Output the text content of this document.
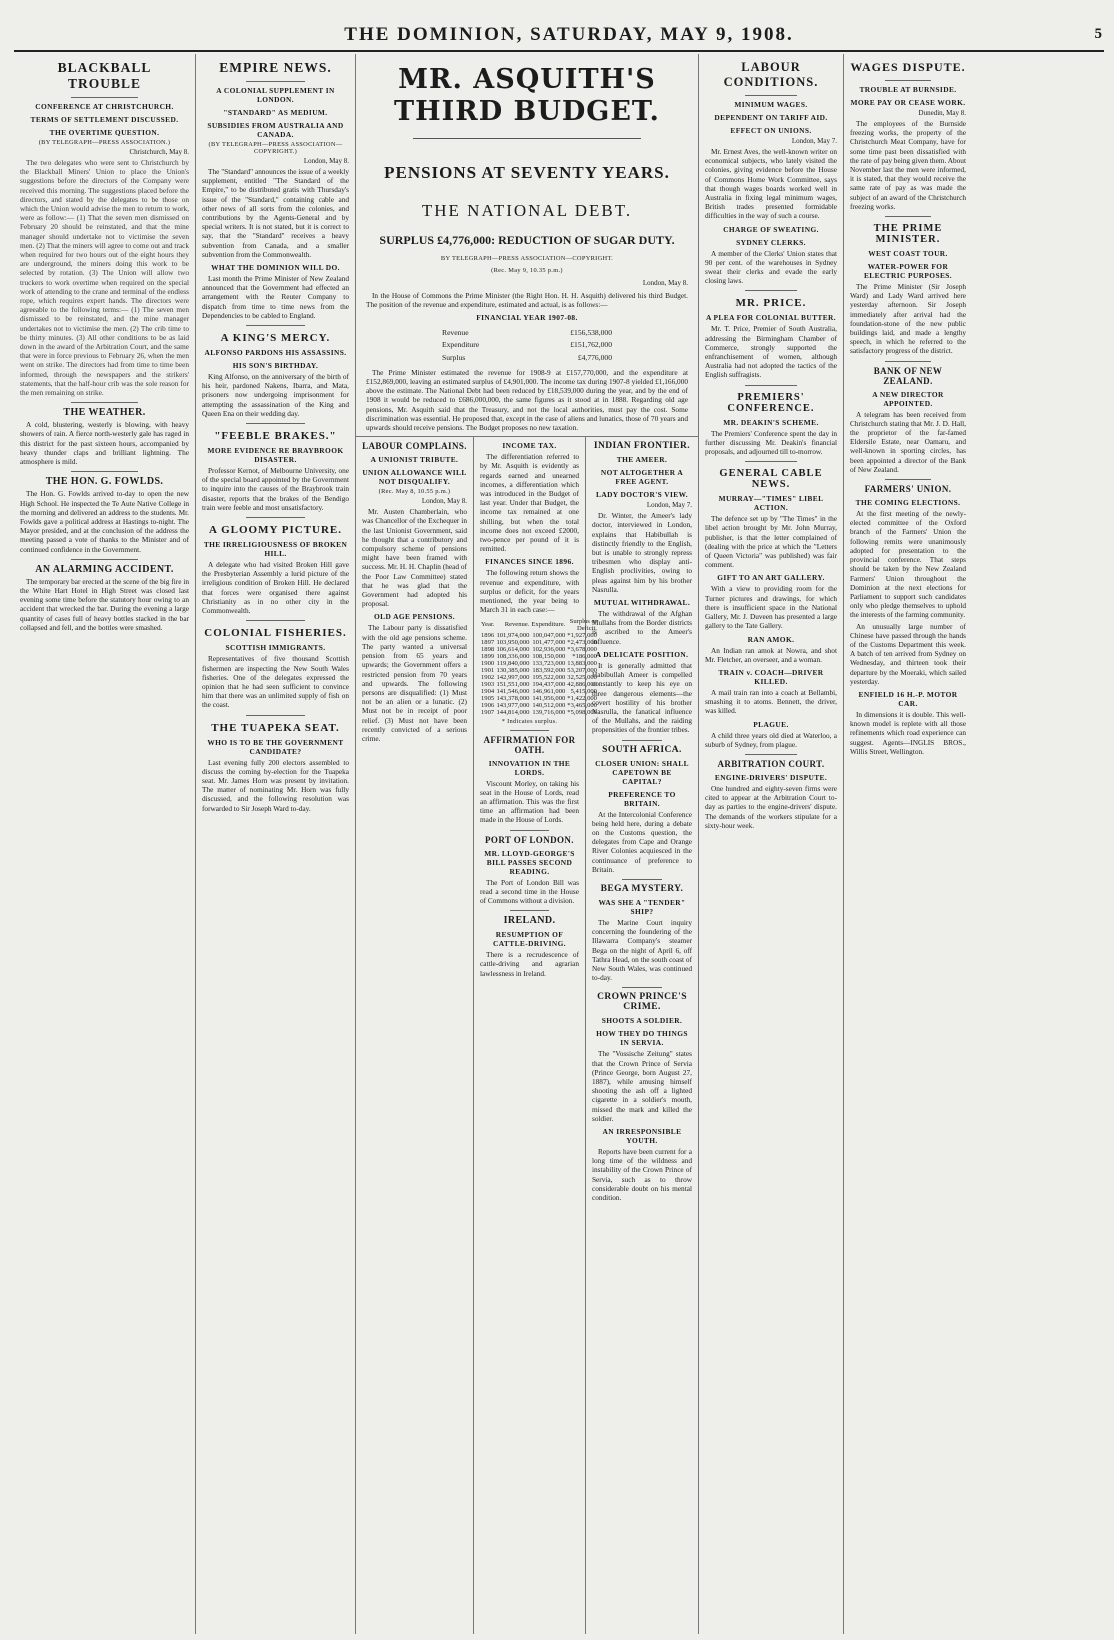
THE DOMINION, SATURDAY, MAY 9, 1908.	5
BLACKBALL TROUBLE
CONFERENCE AT CHRISTCHURCH.
TERMS OF SETTLEMENT DISCUSSED.
THE OVERTIME QUESTION.
(BY TELEGRAPH—PRESS ASSOCIATION.)
Christchurch, May 8.

The two delegates who were sent to Christchurch by the Blackball Miners' Union to place the Union's suggestions before the directors of the Company were received this morning. The suggestions placed before the directors, and stated by the delegates to be those on which the Union would advise the men to return to work, were as follow:— (1) That the seven men dismissed on February 20 should be reinstated, and that the mine manager should undertake not to victimise the seven men. (2) That the miners will agree to come out and track when required for two hours out of the eight hours they are underground, the miners doing this work to be selected by rotation. (3) The Union will allow two truckers to work overtime when required on the special work of attending to the crane and terminal of the endless rope, which requires expert hands. The directors were agreeable to the following terms:— (1) The seven men dismissed to be reinstated, and the mine manager undertakes not to victimise the men. (2) The crib time to be thirty minutes. (3) All other conditions to be as laid down in the award of the Arbitration Court, and the same that were in force previous to February 26, when the men went on strike. The directors had from time to time been informed, through the newspapers and the strikers' statements, that the half-hour crib was the sole reason for the men remaining on strike.

THE WEATHER.

A cold, blustering, westerly is blowing, with heavy showers of rain. A fierce north-westerly gale has raged in this district for the past sixteen hours, accompanied by heavy thunder claps and brilliant lightning. The atmosphere is mild.

THE HON. G. FOWLDS.

The Hon. G. Fowlds arrived to-day to open the new High School. He inspected the Te Aute Native College in the morning and delivered an address to the students. Mr. Fowlds gave a political address at Hastings to-night. The Mayor presided, and at the conclusion of the address the meeting passed a vote of thanks to the Minister and of continued confidence in the Government.

AN ALARMING ACCIDENT.

The temporary bar erected at the scene of the big fire in the White Hart Hotel in High Street was closed last evening some time before the statutory hour owing to an accident that wrecked the bar. During the evening a large quantity of cases full of heavy bottles stacked in the bar collapsed and fell, and the bottles were smashed.

EMPIRE NEWS.
A COLONIAL SUPPLEMENT IN LONDON.
"STANDARD" AS MEDIUM.
SUBSIDIES FROM AUSTRALIA AND CANADA.
(BY TELEGRAPH—PRESS ASSOCIATION—COPYRIGHT.)
London, May 8.

The "Standard" announces the issue of a weekly supplement, entitled "The Standard of the Empire," to be distributed gratis with Thursday's issue of the "Standard," containing cable and other news of all sorts from the colonies, and contributions by the Agents-General and by special writers. It is not stated, but it is correct to say, that the "Standard" receives a heavy subvention from Canada, and a smaller subvention from the Commonwealth.

WHAT THE DOMINION WILL DO.

Last month the Prime Minister of New Zealand announced that the Government had effected an arrangement with the Reuter Company to dispatch from time to time news from the Dependencies to be cabled to England.

A KING'S MERCY.
ALFONSO PARDONS HIS ASSASSINS.
HIS SON'S BIRTHDAY.

King Alfonso, on the anniversary of the birth of his heir, pardoned Nakens, Ibarra, and Mata, prisoners now undergoing imprisonment for attempting the assassination of the King and Queen Ena on their wedding day.

"FEEBLE BRAKES."
MORE EVIDENCE RE BRAYBROOK DISASTER.

Professor Kernot, of Melbourne University, one of the special board appointed by the Government to inquire into the causes of the Braybrook train disaster, reports that the brakes of the Bendigo train were feeble and most unsatisfactory.

A GLOOMY PICTURE.
THE IRRELIGIOUSNESS OF BROKEN HILL.

A delegate who had visited Broken Hill gave the Presbyterian Assembly a lurid picture of the irreligious condition of Broken Hill. He declared that forces were organised there against Christianity as in no other city in the Commonwealth.

COLONIAL FISHERIES.
SCOTTISH IMMIGRANTS.

Representatives of five thousand Scottish fishermen are inspecting the New South Wales fisheries. One of the delegates expressed the opinion that he had seen sufficient to convince him that there was an unlimited supply of fish on the coast.

THE TUAPEKA SEAT.
WHO IS TO BE THE GOVERNMENT CANDIDATE?

Last evening fully 200 electors assembled to discuss the coming by-election for the Tuapeka seat. Mr. James Horn was present by invitation. The matter of nominating Mr. Horn was fully discussed, and the following resolution was forwarded to Sir Joseph Ward to-day.

MR. ASQUITH'S THIRD BUDGET.
PENSIONS AT SEVENTY YEARS.
THE NATIONAL DEBT.
SURPLUS £4,776,000: REDUCTION OF SUGAR DUTY.
BY TELEGRAPH—PRESS ASSOCIATION—COPYRIGHT.
(Rec. May 9, 10.35 p.m.)
London, May 8.

In the House of Commons the Prime Minister (the Right Hon. H. H. Asquith) delivered his third Budget. The position of the revenue and expenditure, estimated and actual, is as follows:—

FINANCIAL YEAR 1907-08.
Revenue	£156,538,000
Expenditure	£151,762,000
Surplus	£4,776,000

The Prime Minister estimated the revenue for 1908-9 at £157,770,000, and the expenditure at £152,869,000, leaving an estimated surplus of £4,901,000. The income tax during 1907-8 yielded £1,166,000 above the estimate. The National Debt had been reduced by £18,539,000 during the year, and by the end of 1908 it would be reduced to £686,000,000, the same figures as it stood at in 1888. Regarding old age pensions, Mr. Asquith said that the Treasury, and not the local authorities, must pay the cost. Some discrimination was essential. He proposed that, except in the case of aliens and lunatics, those of 70 years and upwards should receive pensions. The Budget proposes no new taxation.

LABOUR COMPLAINS.
A UNIONIST TRIBUTE.
UNION ALLOWANCE WILL NOT DISQUALIFY.
(Rec. May 8, 10.55 p.m.)
London, May 8.

Mr. Austen Chamberlain, who was Chancellor of the Exchequer in the last Unionist Government, said he thought that a contributory and compulsory scheme of pensions might have been framed with success. Mr. H. H. Chaplin (head of the Poor Law Committee) stated that he was glad that the Government had adopted his proposal.

OLD AGE PENSIONS.

The Labour party is dissatisfied with the old age pensions scheme. The party wanted a universal pension from 65 years and upwards; the Government offers a restricted pension from 70 years and upwards. The following persons are disqualified: (1) Must not be an alien or a lunatic. (2) Must not be in receipt of poor relief. (3) Must not have been recently convicted of a serious crime.

INCOME TAX.

The differentiation referred to by Mr. Asquith is evidently as regards earned and unearned incomes, a differentiation which was introduced in the Budget of last year. Under that Budget, the income tax remained at one shilling, but when the total income does not exceed £2000, two-pence per pound of it is remitted.

FINANCES SINCE 1896.

The following return shows the revenue and expenditure, with surplus or deficit, for the years mentioned, the year being to March 31 in each case:—

Year.	Revenue.	Expenditure.	Surplus or Deficit.
1896	101,974,000	100,047,000	*1,927,000
1897	103,950,000	101,477,000	*2,473,000
1898	106,614,000	102,936,000	*3,678,000
1899	108,336,000	108,150,000	*186,000
1900	119,840,000	133,723,000	13,883,000
1901	130,385,000	183,592,000	53,207,000
1902	142,997,000	195,522,000	32,525,000
1903	151,551,000	194,437,000	42,886,000
1904	141,546,000	146,961,000	5,415,000
1905	143,378,000	141,956,000	*1,422,000
1906	143,977,000	140,512,000	*3,465,000
1907	144,814,000	139,716,000	*5,098,000
* Indicates surplus.
AFFIRMATION FOR OATH.
INNOVATION IN THE LORDS.

Viscount Morley, on taking his seat in the House of Lords, read an affirmation. This was the first time an affirmation had been made in the House of Lords.

PORT OF LONDON.
MR. LLOYD-GEORGE'S BILL PASSES SECOND READING.

The Port of London Bill was read a second time in the House of Commons without a division.

IRELAND.
RESUMPTION OF CATTLE-DRIVING.

There is a recrudescence of cattle-driving and agrarian lawlessness in Ireland.

INDIAN FRONTIER.
THE AMEER.
NOT ALTOGETHER A FREE AGENT.
LADY DOCTOR'S VIEW.
London, May 7.

Dr. Winter, the Ameer's lady doctor, interviewed in London, explains that Habibullah is distinctly friendly to the English, but is unable to strongly repress tribesmen who display anti-English proclivities, owing to pleas against him by his brother Nasrulla.

MUTUAL WITHDRAWAL.

The withdrawal of the Afghan Mullahs from the Border districts is ascribed to the Ameer's influence.

A DELICATE POSITION.

It is generally admitted that Habibullah Ameer is compelled constantly to keep his eye on three dangerous elements—the covert hostility of his brother Nasrulla, the fanatical influence of the Mullahs, and the raiding propensities of the frontier tribes.

SOUTH AFRICA.
CLOSER UNION: SHALL CAPETOWN BE CAPITAL?
PREFERENCE TO BRITAIN.

At the Intercolonial Conference being held here, during a debate on the Customs question, the delegates from Cape and Orange River Colonies acquiesced in the continuance of preference to Britain.

BEGA MYSTERY.
WAS SHE A "TENDER" SHIP?

The Marine Court inquiry concerning the foundering of the Illawarra Company's steamer Bega on the night of April 6, off Tathra Head, on the south coast of New South Wales, was continued to-day.

CROWN PRINCE'S CRIME.
SHOOTS A SOLDIER.
HOW THEY DO THINGS IN SERVIA.

The "Vossische Zeitung" states that the Crown Prince of Servia (Prince George, born August 27, 1887), while amusing himself shooting the ash off a lighted cigarette in a soldier's mouth, missed the mark and killed the soldier.

AN IRRESPONSIBLE YOUTH.

Reports have been current for a long time of the wildness and instability of the Crown Prince of Servia, such as to throw considerable doubt on his mental condition.

LABOUR CONDITIONS.
MINIMUM WAGES.
DEPENDENT ON TARIFF AID.
EFFECT ON UNIONS.
London, May 7.

Mr. Ernest Aves, the well-known writer on economical subjects, who lately visited the colonies, giving evidence before the House of Commons Home Work Committee, says that though wages boards worked well in Australia in fixing legal minimum wages, British trades presented formidable difficulties in the way of such a course.

CHARGE OF SWEATING.
SYDNEY CLERKS.

A member of the Clerks' Union states that 90 per cent. of the warehouses in Sydney sweat their clerks and evade the early closing laws.

MR. PRICE.
A PLEA FOR COLONIAL BUTTER.

Mr. T. Price, Premier of South Australia, addressing the Birmingham Chamber of Commerce, strongly supported the enfranchisement of women, although Australia had not adopted the tactics of the English suffragists.

PREMIERS' CONFERENCE.
MR. DEAKIN'S SCHEME.

The Premiers' Conference spent the day in further discussing Mr. Deakin's financial proposals, and adjourned till to-morrow.

GENERAL CABLE NEWS.
MURRAY—"TIMES" LIBEL ACTION.

The defence set up by "The Times" in the libel action brought by Mr. John Murray, publisher, is that the letter complained of (dealing with the price at which the "Letters of Queen Victoria" was published) was fair comment.

GIFT TO AN ART GALLERY.

With a view to providing room for the Turner pictures and drawings, for which there is insufficient space in the National Gallery, Mr. J. Duveen has presented a large gallery to the Tate Gallery.

RAN AMOK.

An Indian ran amok at Nowra, and shot Mr. Fletcher, an overseer, and a woman.

TRAIN v. COACH—DRIVER KILLED.

A mail train ran into a coach at Bellambi, smashing it to atoms. Bennett, the driver, was killed.

PLAGUE.

A child three years old died at Waterloo, a suburb of Sydney, from plague.

ARBITRATION COURT.
ENGINE-DRIVERS' DISPUTE.

One hundred and eighty-seven firms were cited to appear at the Arbitration Court to-day as parties to the engine-drivers' dispute. The demands of the workers stipulate for a sixty-hour week.

WAGES DISPUTE.
TROUBLE AT BURNSIDE.
MORE PAY OR CEASE WORK.
Dunedin, May 8.

The employees of the Burnside freezing works, the property of the Christchurch Meat Company, have for some time past been dissatisfied with the rate of pay being given them. About November last the men were informed, it is stated, that they would receive the same rate of pay as was made the subject of an award of the Christchurch freezing works.

THE PRIME MINISTER.
WEST COAST TOUR.
WATER-POWER FOR ELECTRIC PURPOSES.

The Prime Minister (Sir Joseph Ward) and Lady Ward arrived here yesterday afternoon. Sir Joseph immediately after arrival had the foundation-stone of the new public buildings laid, and made a lengthy speech, in which he referred to the satisfactory progress of the district.

BANK OF NEW ZEALAND.
A NEW DIRECTOR APPOINTED.

A telegram has been received from Christchurch stating that Mr. J. D. Hall, the proprietor of the far-famed Eldersile Estate, near Oamaru, and well-known in sporting circles, has been appointed a director of the Bank of New Zealand.

FARMERS' UNION.
THE COMING ELECTIONS.

At the first meeting of the newly-elected committee of the Oxford branch of the Farmers' Union the following remits were unanimously adopted for presentation to the provincial conference. That steps should be taken by the New Zealand Farmers' Union throughout the Dominion at the next elections for Parliament to support such candidates only who pledge themselves to uphold the interests of the farming community.

An unusually large number of Chinese have passed through the hands of the Customs Department this week. A batch of ten arrived from Sydney on Wednesday, and thirteen took their departure by the Moeraki, which sailed yesterday.

ENFIELD 16 H.-P. MOTOR CAR.

In dimensions it is double. This well-known model is replete with all those refinements which road experience can suggest. Agents—INGLIS BROS., Willis Street, Wellington.
